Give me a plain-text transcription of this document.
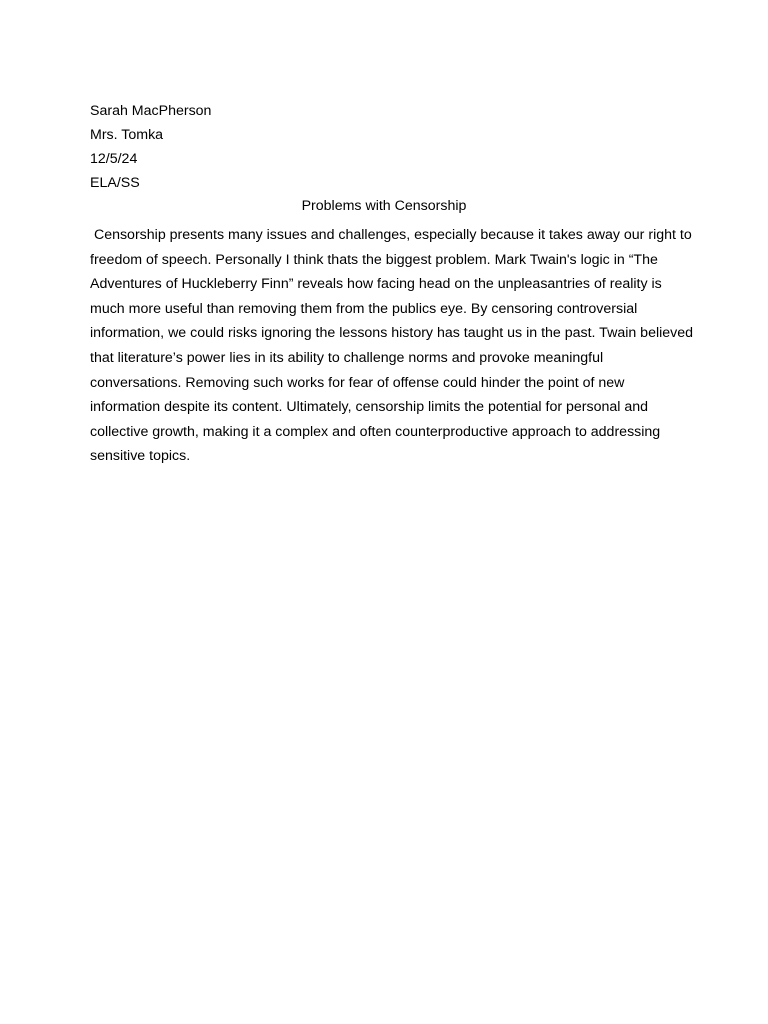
Sarah MacPherson
Mrs. Tomka
12/5/24
ELA/SS
Problems with Censorship
Censorship presents many issues and challenges, especially because it takes away our right to
freedom of speech. Personally I think thats the biggest problem. Mark Twain's logic in “The
Adventures of Huckleberry Finn” reveals how facing head on the unpleasantries of reality is
much more useful than removing them from the publics eye. By censoring controversial
information, we could risks ignoring the lessons history has taught us in the past. Twain believed
that literature’s power lies in its ability to challenge norms and provoke meaningful
conversations. Removing such works for fear of offense could hinder the point of new
information despite its content. Ultimately, censorship limits the potential for personal and
collective growth, making it a complex and often counterproductive approach to addressing
sensitive topics.
